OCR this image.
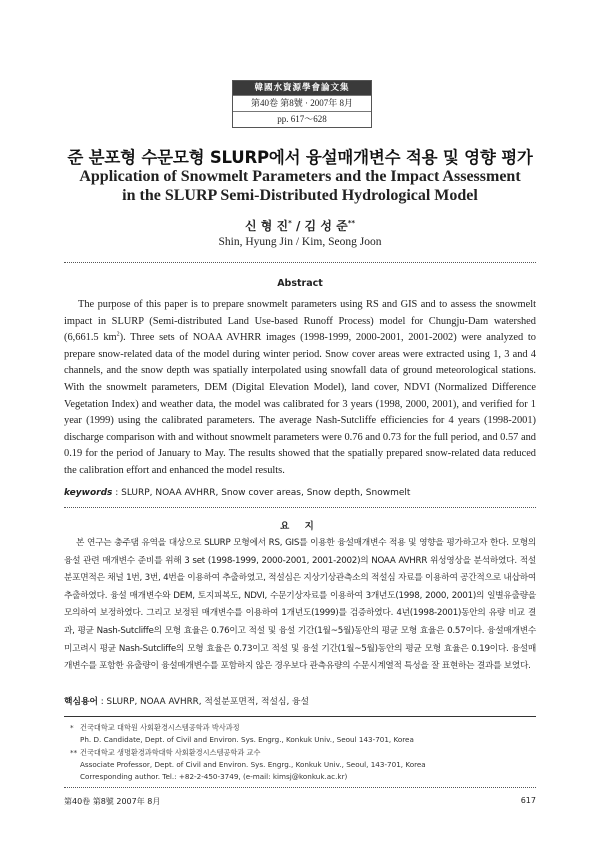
韓國水資源學會論文集
第40卷 第8號 · 2007年 8月
pp. 617～628
준 분포형 수문모형 SLURP에서 융설매개변수 적용 및 영향 평가
Application of Snowmelt Parameters and the Impact Assessment
in the SLURP Semi-Distributed Hydrological Model
신 형 진* / 김 성 준**
Shin, Hyung Jin / Kim, Seong Joon
Abstract
The purpose of this paper is to prepare snowmelt parameters using RS and GIS and to assess the snowmelt impact in SLURP (Semi-distributed Land Use-based Runoff Process) model for Chungju-Dam watershed (6,661.5 $km^2$). Three sets of NOAA AVHRR images (1998-1999, 2000-2001, 2001-2002) were analyzed to prepare snow-related data of the model during winter period. Snow cover areas were extracted using 1, 3 and 4 channels, and the snow depth was spatially interpolated using snowfall data of ground meteorological stations. With the snowmelt parameters, DEM (Digital Elevation Model), land cover, NDVI (Normalized Difference Vegetation Index) and weather data, the model was calibrated for 3 years (1998, 2000, 2001), and verified for 1 year (1999) using the calibrated parameters. The average Nash-Sutcliffe efficiencies for 4 years (1998-2001) discharge comparison with and without snowmelt parameters were 0.76 and 0.73 for the full period, and 0.57 and 0.19 for the period of January to May. The results showed that the spatially prepared snow-related data reduced the calibration effort and enhanced the model results.
keywords : SLURP, NOAA AVHRR, Snow cover areas, Snow depth, Snowmelt
요 지
본 연구는 충주댐 유역을 대상으로 SLURP 모형에서 RS, GIS를 이용한 융설매개변수 적용 및 영향을 평가하고자 한다. 모형의 융설 관련 매개변수 준비를 위해 3 set (1998-1999, 2000-2001, 2001-2002)의 NOAA AVHRR 위성영상을 분석하였다. 적설분포면적은 채널 1번, 3번, 4번을 이용하여 추출하였고, 적설심은 지상기상관측소의 적설심 자료를 이용하여 공간적으로 내삽하여 추출하였다. 융설 매개변수와 DEM, 토지피복도, NDVI, 수문기상자료를 이용하여 3개년도(1998, 2000, 2001)의 일별유출량을 모의하여 보정하였다. 그리고 보정된 매개변수를 이용하여 1개년도(1999)를 검증하였다. 4년(1998-2001)동안의 유량 비교 결과, 평균 Nash-Sutcliffe의 모형 효율은 0.76이고 적설 및 융설 기간(1월~5월)동안의 평균 모형 효율은 0.57이다. 융설매개변수 미고려시 평균 Nash-Sutcliffe의 모형 효율은 0.73이고 적설 및 융설 기간(1월~5월)동안의 평균 모형 효율은 0.19이다. 융설매개변수를 포함한 유출량이 융설매개변수를 포함하지 않은 경우보다 관측유량의 수문시계열적 특성을 잘 표현하는 결과를 보였다.
핵심용어 : SLURP, NOAA AVHRR, 적설분포면적, 적설심, 융설
* 건국대학교 대학원 사회환경시스템공학과 박사과정
Ph. D. Candidate, Dept. of Civil and Environ. Sys. Engrg., Konkuk Univ., Seoul 143-701, Korea
** 건국대학교 생명환경과학대학 사회환경시스템공학과 교수
Associate Professor, Dept. of Civil and Environ. Sys. Engrg., Konkuk Univ., Seoul, 143-701, Korea
Corresponding author. Tel.: +82-2-450-3749, (e-mail: kimsj@konkuk.ac.kr)
第40卷 第8號 2007年 8月	617
